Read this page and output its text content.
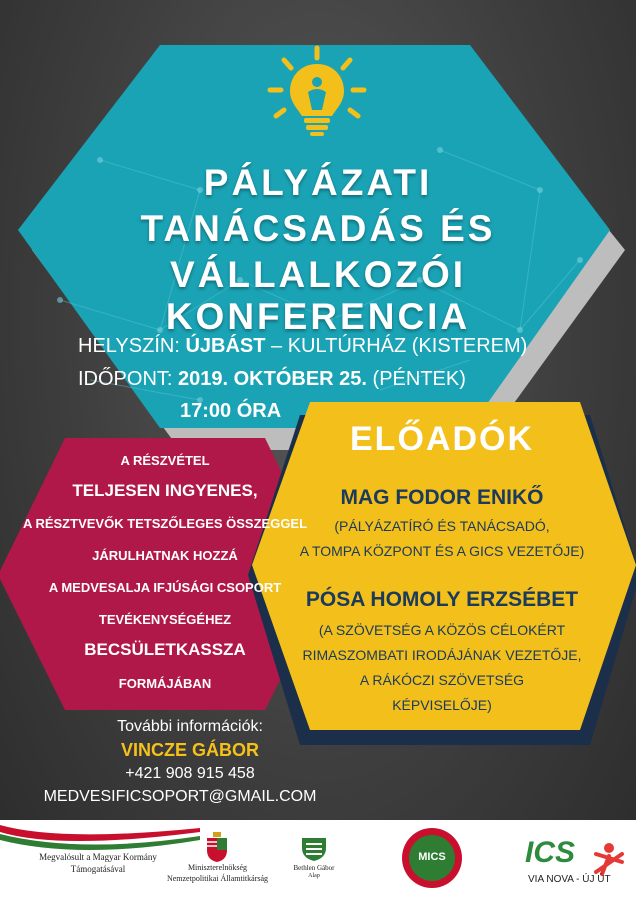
PÁLYÁZATI
TANÁCSADÁS ÉS
VÁLLALKOZÓI KONFERENCIA
HELYSZÍN: ÚJBÁST – KULTÚRHÁZ (KISTEREM)
IDŐPONT: 2019. OKTÓBER 25. (PÉNTEK)
17:00 ÓRA
A RÉSZVÉTEL
TELJESEN INGYENES,
A RÉSZTVEVŐK TETSZŐLEGES ÖSSZEGGEL
JÁRULHATNAK HOZZÁ
A MEDVESALJA IFJÚSÁGI CSOPORT
TEVÉKENYSÉGÉHEZ
BECSÜLETKASSZA
FORMÁJÁBAN
ELŐADÓK
MAG FODOR ENIKŐ
(PÁLYÁZATÍRÓ ÉS TANÁCSADÓ,
A TOMPA KÖZPONT ÉS A GICS VEZETŐJE)
PÓSA HOMOLY ERZSÉBET
(A SZÖVETSÉG A KÖZÖS CÉLOKÉRT
RIMASZOMBATI IRODÁJÁNAK VEZETŐJE,
A RÁKÓCZI SZÖVETSÉG
KÉPVISELŐJE)
További információk:
VINCZE GÁBOR
+421 908 915 458
MEDVESIFICSOPORT@GMAIL.COM
Megvalósult a Magyar Kormány
Támogatásával	Miniszterelnökség
Nemzetpolitikai Államtitkárság
Bethlen Gábor
Alap
MICS	ICS
VIA NOVA - ÚJ ÚT
